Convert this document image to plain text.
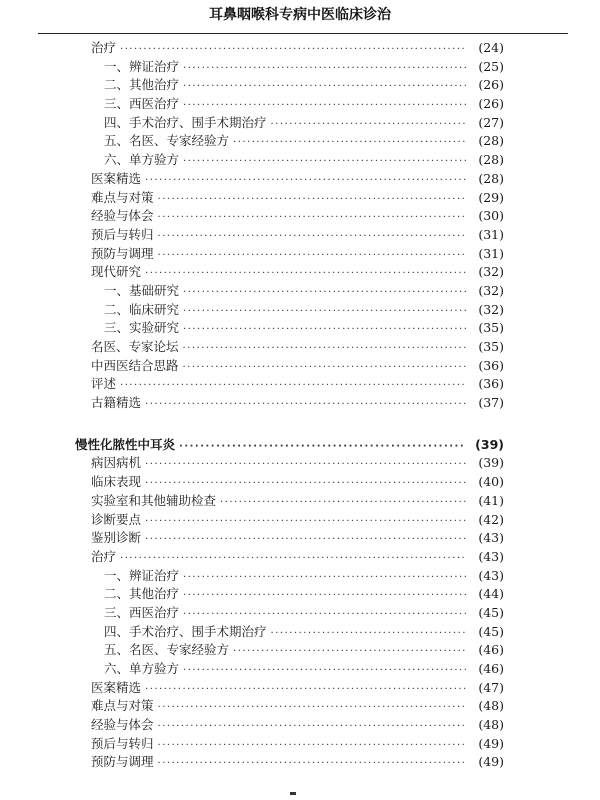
耳鼻咽喉科专病中医临床诊治
治疗 ·····	(24)
一、辨证治疗 ·····	(25)
二、其他治疗 ·····	(26)
三、西医治疗 ·····	(26)
四、手术治疗、围手术期治疗 ·····	(27)
五、名医、专家经验方 ·····	(28)
六、单方验方 ·····	(28)
医案精选 ·····	(28)
难点与对策 ·····	(29)
经验与体会 ·····	(30)
预后与转归 ·····	(31)
预防与调理 ·····	(31)
现代研究 ·····	(32)
一、基础研究 ·····	(32)
二、临床研究 ·····	(32)
三、实验研究 ·····	(35)
名医、专家论坛 ·····	(35)
中西医结合思路 ·····	(36)
评述 ·····	(36)
古籍精选 ·····	(37)
慢性化脓性中耳炎 ·····	(39)
病因病机 ·····	(39)
临床表现 ·····	(40)
实验室和其他辅助检查 ·····	(41)
诊断要点 ·····	(42)
鉴别诊断 ·····	(43)
治疗 ·····	(43)
一、辨证治疗 ·····	(43)
二、其他治疗 ·····	(44)
三、西医治疗 ·····	(45)
四、手术治疗、围手术期治疗 ·····	(45)
五、名医、专家经验方 ·····	(46)
六、单方验方 ·····	(46)
医案精选 ·····	(47)
难点与对策 ·····	(48)
经验与体会 ·····	(48)
预后与转归 ·····	(49)
预防与调理 ·····	(49)
